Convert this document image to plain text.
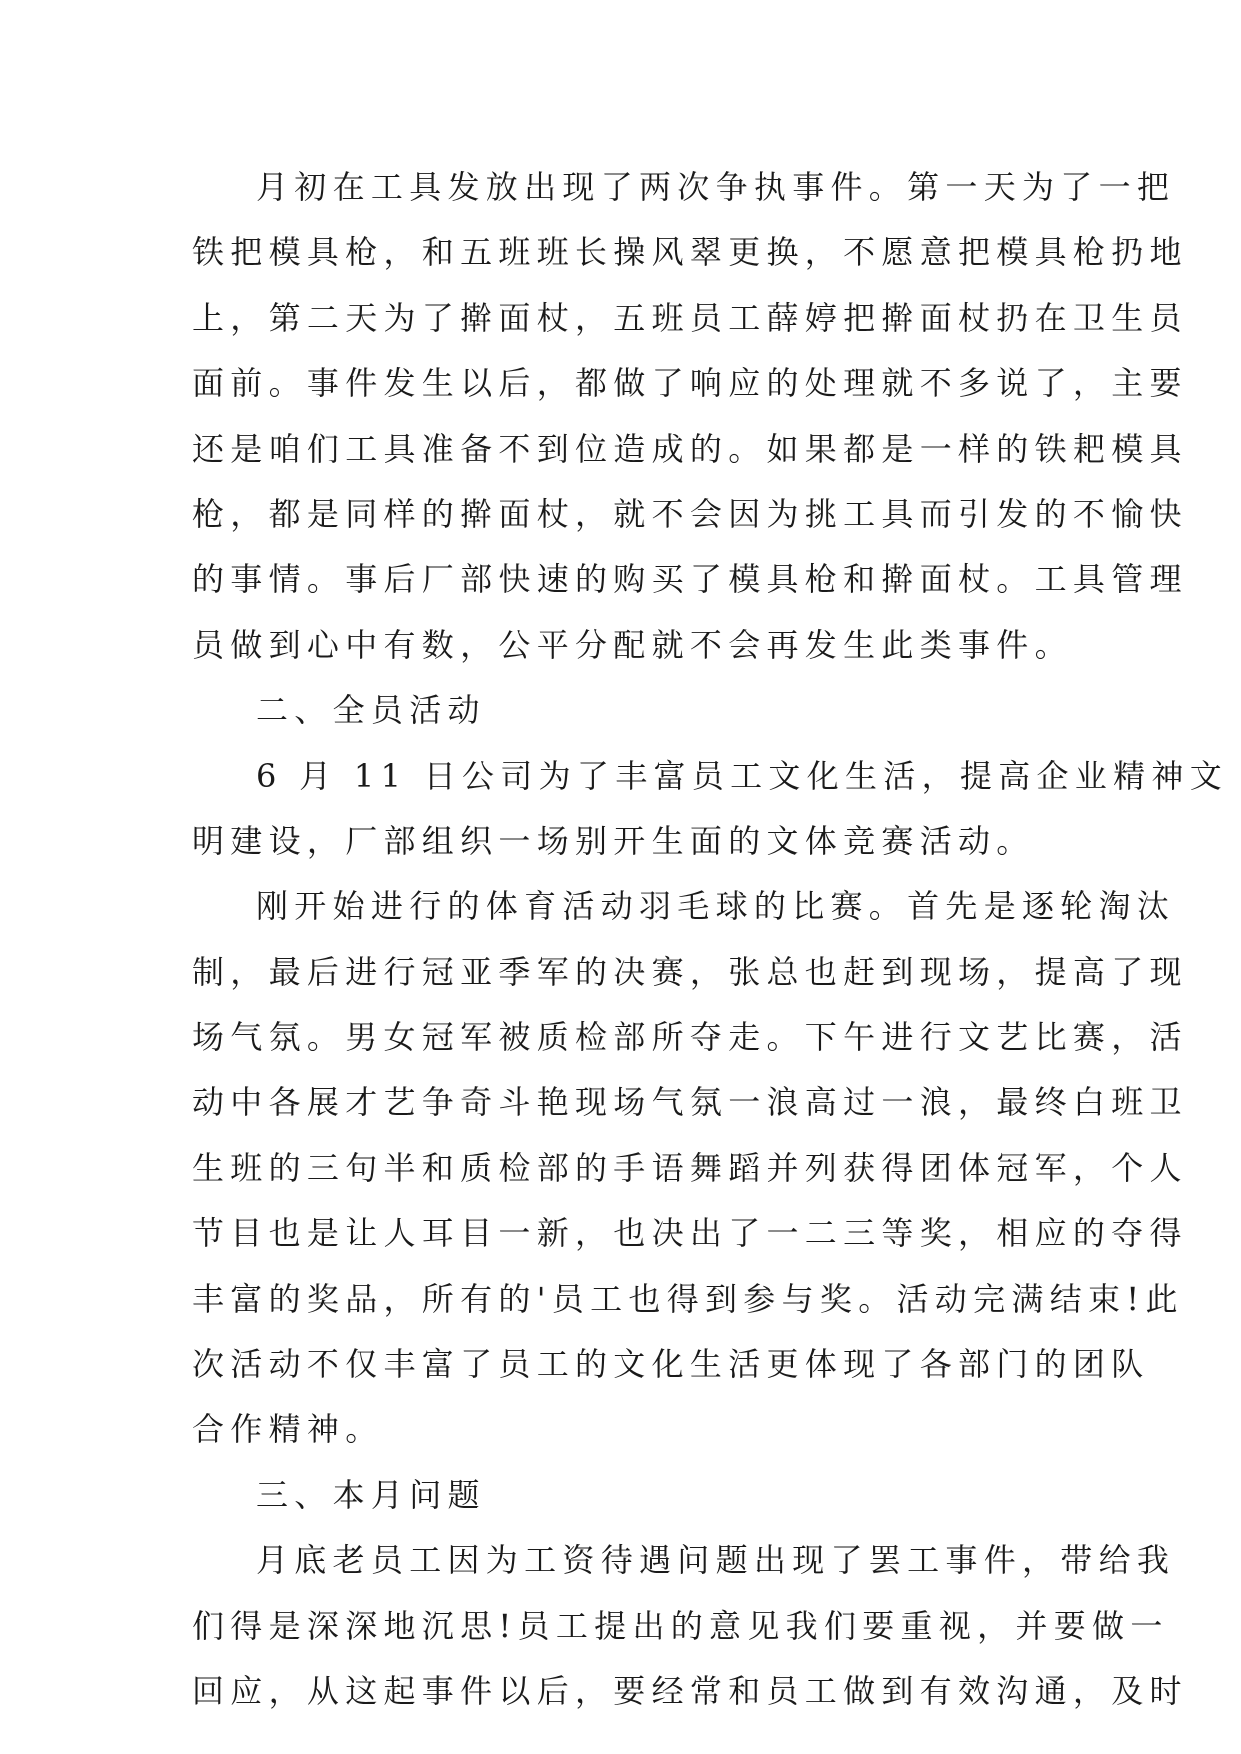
月初在工具发放出现了两次争执事件。第一天为了一把
铁把模具枪，和五班班长操风翠更换，不愿意把模具枪扔地
上，第二天为了擀面杖，五班员工薛婷把擀面杖扔在卫生员
面前。事件发生以后，都做了响应的处理就不多说了，主要
还是咱们工具准备不到位造成的。如果都是一样的铁耙模具
枪，都是同样的擀面杖，就不会因为挑工具而引发的不愉快
的事情。事后厂部快速的购买了模具枪和擀面杖。工具管理
员做到心中有数，公平分配就不会再发生此类事件。
二、全员活动
6 月 11 日公司为了丰富员工文化生活，提高企业精神文
明建设，厂部组织一场别开生面的文体竞赛活动。
刚开始进行的体育活动羽毛球的比赛。首先是逐轮淘汰
制，最后进行冠亚季军的决赛，张总也赶到现场，提高了现
场气氛。男女冠军被质检部所夺走。下午进行文艺比赛，活
动中各展才艺争奇斗艳现场气氛一浪高过一浪，最终白班卫
生班的三句半和质检部的手语舞蹈并列获得团体冠军，个人
节目也是让人耳目一新，也决出了一二三等奖，相应的夺得
丰富的奖品，所有的'员工也得到参与奖。活动完满结束!此
次活动不仅丰富了员工的文化生活更体现了各部门的团队
合作精神。
三、本月问题
月底老员工因为工资待遇问题出现了罢工事件，带给我
们得是深深地沉思!员工提出的意见我们要重视，并要做一
回应，从这起事件以后，要经常和员工做到有效沟通，及时
